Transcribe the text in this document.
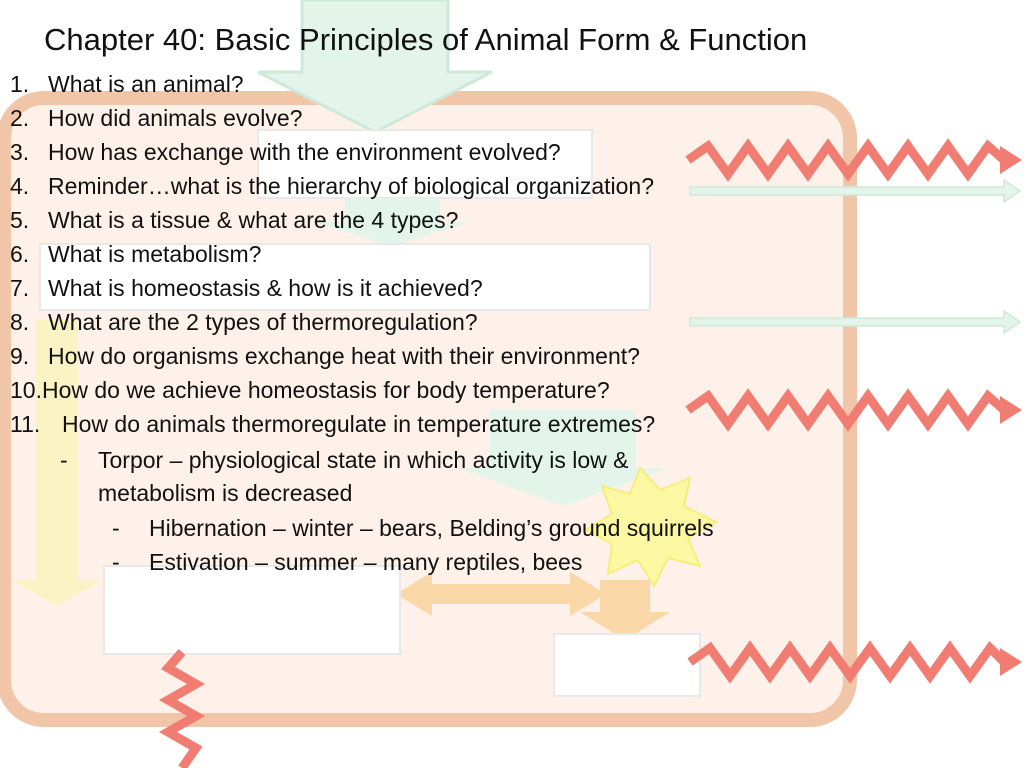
Chapter 40: Basic Principles of Animal Form & Function
1. What is an animal?
2. How did animals evolve?
3. How has exchange with the environment evolved?
4. Reminder…what is the hierarchy of biological organization?
5. What is a tissue & what are the 4 types?
6. What is metabolism?
7. What is homeostasis & how is it achieved?
8. What are the 2 types of thermoregulation?
9. How do organisms exchange heat with their environment?
10.How do we achieve homeostasis for body temperature?
11. How do animals thermoregulate in temperature extremes?
- Torpor – physiological state in which activity is low &
metabolism is decreased
- Hibernation – winter – bears, Belding’s ground squirrels
- Estivation – summer – many reptiles, bees
